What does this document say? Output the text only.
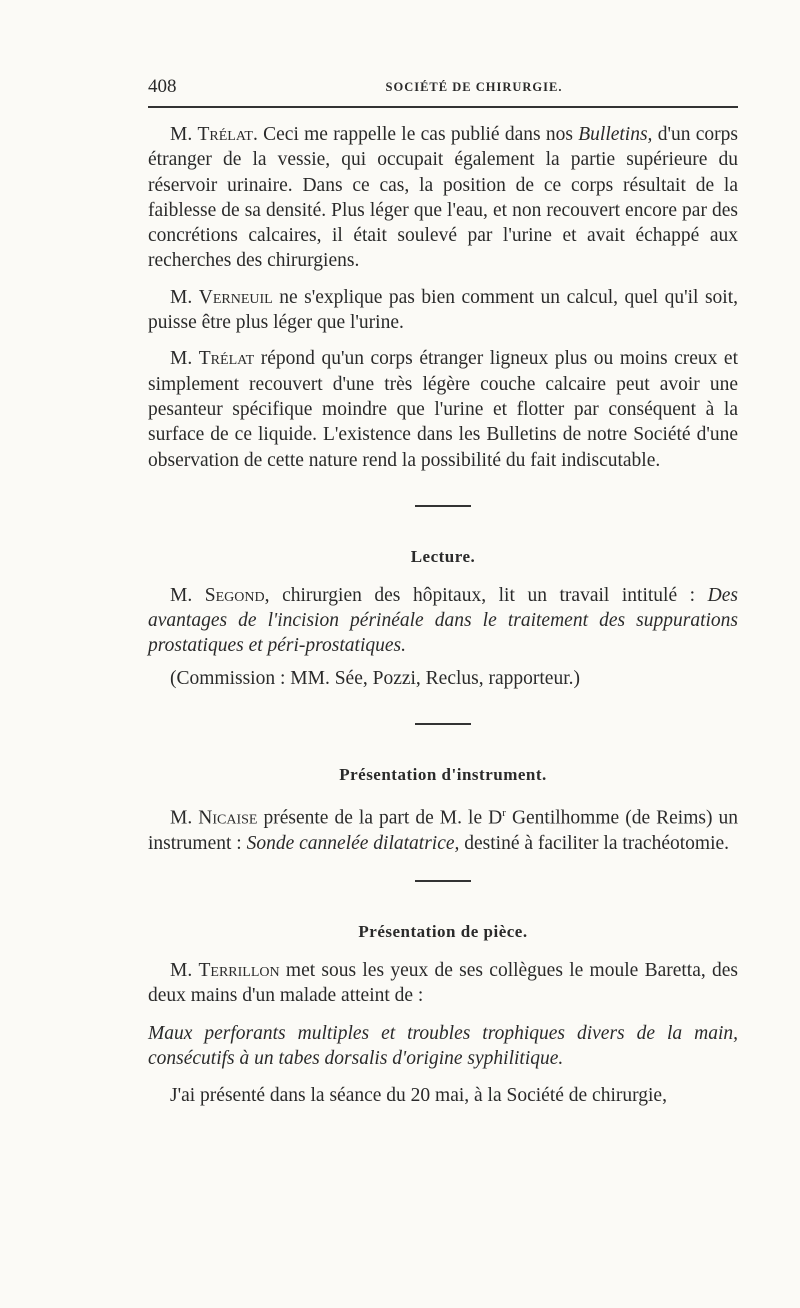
408	SOCIÉTÉ DE CHIRURGIE.

M. Trélat. Ceci me rappelle le cas publié dans nos Bulletins, d'un corps étranger de la vessie, qui occupait également la partie supérieure du réservoir urinaire. Dans ce cas, la position de ce corps résultait de la faiblesse de sa densité. Plus léger que l'eau, et non recouvert encore par des concrétions calcaires, il était soulevé par l'urine et avait échappé aux recherches des chirurgiens.

M. Verneuil ne s'explique pas bien comment un calcul, quel qu'il soit, puisse être plus léger que l'urine.

M. Trélat répond qu'un corps étranger ligneux plus ou moins creux et simplement recouvert d'une très légère couche calcaire peut avoir une pesanteur spécifique moindre que l'urine et flotter par conséquent à la surface de ce liquide. L'existence dans les Bulletins de notre Société d'une observation de cette nature rend la possibilité du fait indiscutable.

Lecture.

M. Segond, chirurgien des hôpitaux, lit un travail intitulé : Des avantages de l'incision périnéale dans le traitement des suppurations prostatiques et péri-prostatiques.

(Commission : MM. Sée, Pozzi, Reclus, rapporteur.)

Présentation d'instrument.

M. Nicaise présente de la part de M. le $D^r$ Gentilhomme (de Reims) un instrument : Sonde cannelée dilatatrice, destiné à faciliter la trachéotomie.

Présentation de pièce.

M. Terrillon met sous les yeux de ses collègues le moule Baretta, des deux mains d'un malade atteint de :

Maux perforants multiples et troubles trophiques divers de la main, consécutifs à un tabes dorsalis d'origine syphilitique.

J'ai présenté dans la séance du 20 mai, à la Société de chirurgie,
